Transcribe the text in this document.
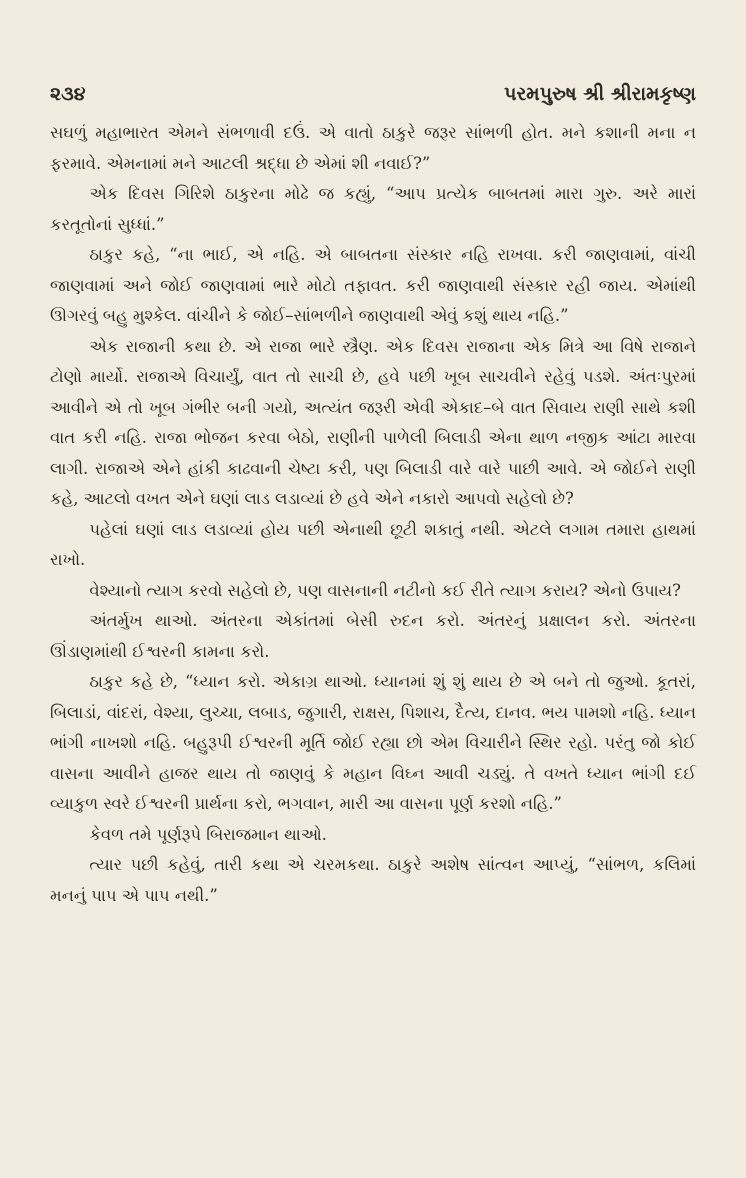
૨૩૪	પરમપુરુષ શ્રી શ્રીરામકૃષ્ણ

સઘળું મહાભારત એમને સંભળાવી દઉં. એ વાતો ઠાકુરે જરૂર સાંભળી હોત. મને કશાની મના ન ફરમાવે. એમનામાં મને આટલી શ્રદ્ધા છે એમાં શી નવાઈ?”

એક દિવસ ગિરિશે ઠાકુરના મોઢે જ કહ્યું, “આપ પ્રત્યેક બાબતમાં મારા ગુરુ. અરે મારાં કરતૂતોનાં સુધ્ધાં.”

ઠાકુર કહે, “ના ભાઈ, એ નહિ. એ બાબતના સંસ્કાર નહિ રાખવા. કરી જાણવામાં, વાંચી જાણવામાં અને જોઈ જાણવામાં ભારે મોટો તફાવત. કરી જાણવાથી સંસ્કાર રહી જાય. એમાંથી ઊગરવું બહુ મુશ્કેલ. વાંચીને કે જોઈ–સાંભળીને જાણવાથી એવું કશું થાય નહિ.”

એક રાજાની કથા છે. એ રાજા ભારે સ્ત્રૈણ. એક દિવસ રાજાના એક મિત્રે આ વિષે રાજાને ટોણો માર્યો. રાજાએ વિચાર્યું, વાત તો સાચી છે, હવે પછી ખૂબ સાચવીને રહેવું પડશે. અંતઃપુરમાં આવીને એ તો ખૂબ ગંભીર બની ગયો, અત્યંત જરૂરી એવી એકાદ–બે વાત સિવાય રાણી સાથે કશી વાત કરી નહિ. રાજા ભોજન કરવા બેઠો, રાણીની પાળેલી બિલાડી એના થાળ નજીક આંટા મારવા લાગી. રાજાએ એને હાંકી કાઢવાની ચેષ્ટા કરી, પણ બિલાડી વારે વારે પાછી આવે. એ જોઈને રાણી કહે, આટલો વખત એને ઘણાં લાડ લડાવ્યાં છે હવે એને નકારો આપવો સહેલો છે?

પહેલાં ઘણાં લાડ લડાવ્યાં હોય પછી એનાથી છૂટી શકાતું નથી. એટલે લગામ તમારા હાથમાં રાખો.

વેશ્યાનો ત્યાગ કરવો સહેલો છે, પણ વાસનાની નટીનો કઈ રીતે ત્યાગ કરાય? એનો ઉપાય?

અંતર્મુખ થાઓ. અંતરના એકાંતમાં બેસી રુદન કરો. અંતરનું પ્રક્ષાલન કરો. અંતરના ઊંડાણમાંથી ઈશ્વરની કામના કરો.

ઠાકુર કહે છે, “ધ્યાન કરો. એકાગ્ર થાઓ. ધ્યાનમાં શું શું થાય છે એ બને તો જુઓ. કૂતરાં, બિલાડાં, વાંદરાં, વેશ્યા, લુચ્ચા, લબાડ, જુગારી, રાક્ષસ, પિશાચ, દૈત્ય, દાનવ. ભય પામશો નહિ. ધ્યાન ભાંગી નાખશો નહિ. બહુરૂપી ઈશ્વરની મૂર્તિ જોઈ રહ્યા છો એમ વિચારીને સ્થિર રહો. પરંતુ જો કોઈ વાસના આવીને હાજર થાય તો જાણવું કે મહાન વિઘ્ન આવી ચડ્યું. તે વખતે ધ્યાન ભાંગી દઈ વ્યાકુળ સ્વરે ઈશ્વરની પ્રાર્થના કરો, ભગવાન, મારી આ વાસના પૂર્ણ કરશો નહિ.”

કેવળ તમે પૂર્ણરૂપે બિરાજમાન થાઓ.

ત્યાર પછી કહેવું, તારી કથા એ ચરમકથા. ઠાકુરે અશેષ સાંત્વન આપ્યું, “સાંભળ, કલિમાં મનનું પાપ એ પાપ નથી.”
